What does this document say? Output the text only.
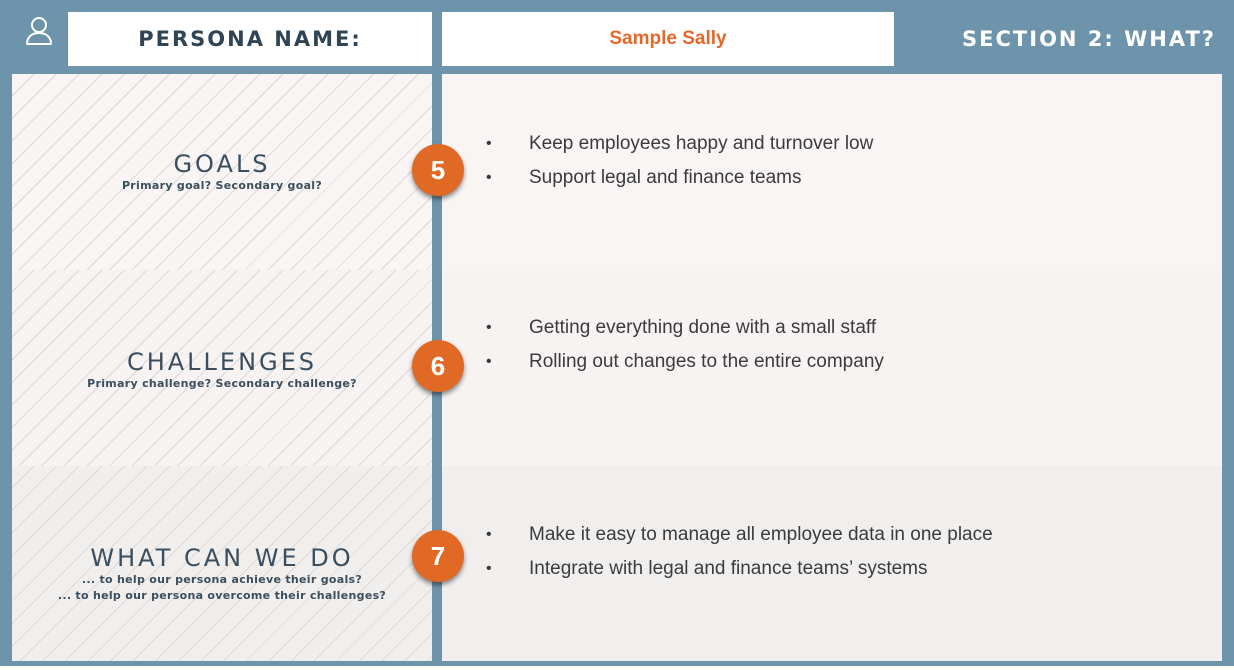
PERSONA NAME:	Sample Sally	SECTION 2: WHAT?
GOALS
Primary goal? Secondary goal?
CHALLENGES
Primary challenge? Secondary challenge?
WHAT CAN WE DO
... to help our persona achieve their goals?
... to help our persona overcome their challenges?
• Keep employees happy and turnover low
• Support legal and finance teams
• Getting everything done with a small staff
• Rolling out changes to the entire company
• Make it easy to manage all employee data in one place
• Integrate with legal and finance teams’ systems
5
6
7
